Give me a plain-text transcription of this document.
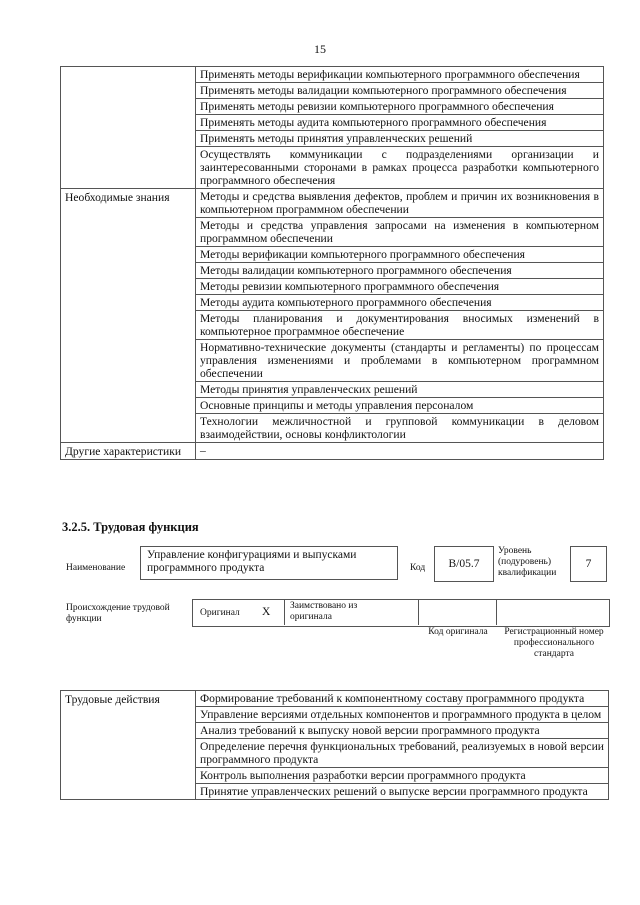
15
	Применять методы верификации компьютерного программного обеспечения
	Применять методы валидации компьютерного программного обеспечения
	Применять методы ревизии компьютерного программного обеспечения
	Применять методы аудита компьютерного программного обеспечения
	Применять методы принятия управленческих решений
	Осуществлять коммуникации с подразделениями организации и заинтересованными сторонами в рамках процесса разработки компьютерного программного обеспечения
Необходимые знания	Методы и средства выявления дефектов, проблем и причин их возникновения в компьютерном программном обеспечении
	Методы и средства управления запросами на изменения в компьютерном программном обеспечении
	Методы верификации компьютерного программного обеспечения
	Методы валидации компьютерного программного обеспечения
	Методы ревизии компьютерного программного обеспечения
	Методы аудита компьютерного программного обеспечения
	Методы планирования и документирования вносимых изменений в компьютерное программное обеспечение
	Нормативно-технические документы (стандарты и регламенты) по процессам управления изменениями и проблемами в компьютерном программном обеспечении
	Методы принятия управленческих решений
	Основные принципы и методы управления персоналом
	Технологии межличностной и групповой коммуникации в деловом взаимодействии, основы конфликтологии
Другие характеристики	–
3.2.5. Трудовая функция
Наименование
Управление конфигурациями и выпусками программного продукта	Код B/05.7
Уровень (подуровень) квалификации
7
Происхождение трудовой функции
Оригинал X Заимствовано из оригинала
Код оригинала	Регистрационный номер профессионального стандарта
Трудовые действия	Формирование требований к компонентному составу программного продукта
Управление версиями отдельных компонентов и программного продукта в целом
Анализ требований к выпуску новой версии программного продукта
Определение перечня функциональных требований, реализуемых в новой версии программного продукта
Контроль выполнения разработки версии программного продукта
Принятие управленческих решений о выпуске версии программного продукта
